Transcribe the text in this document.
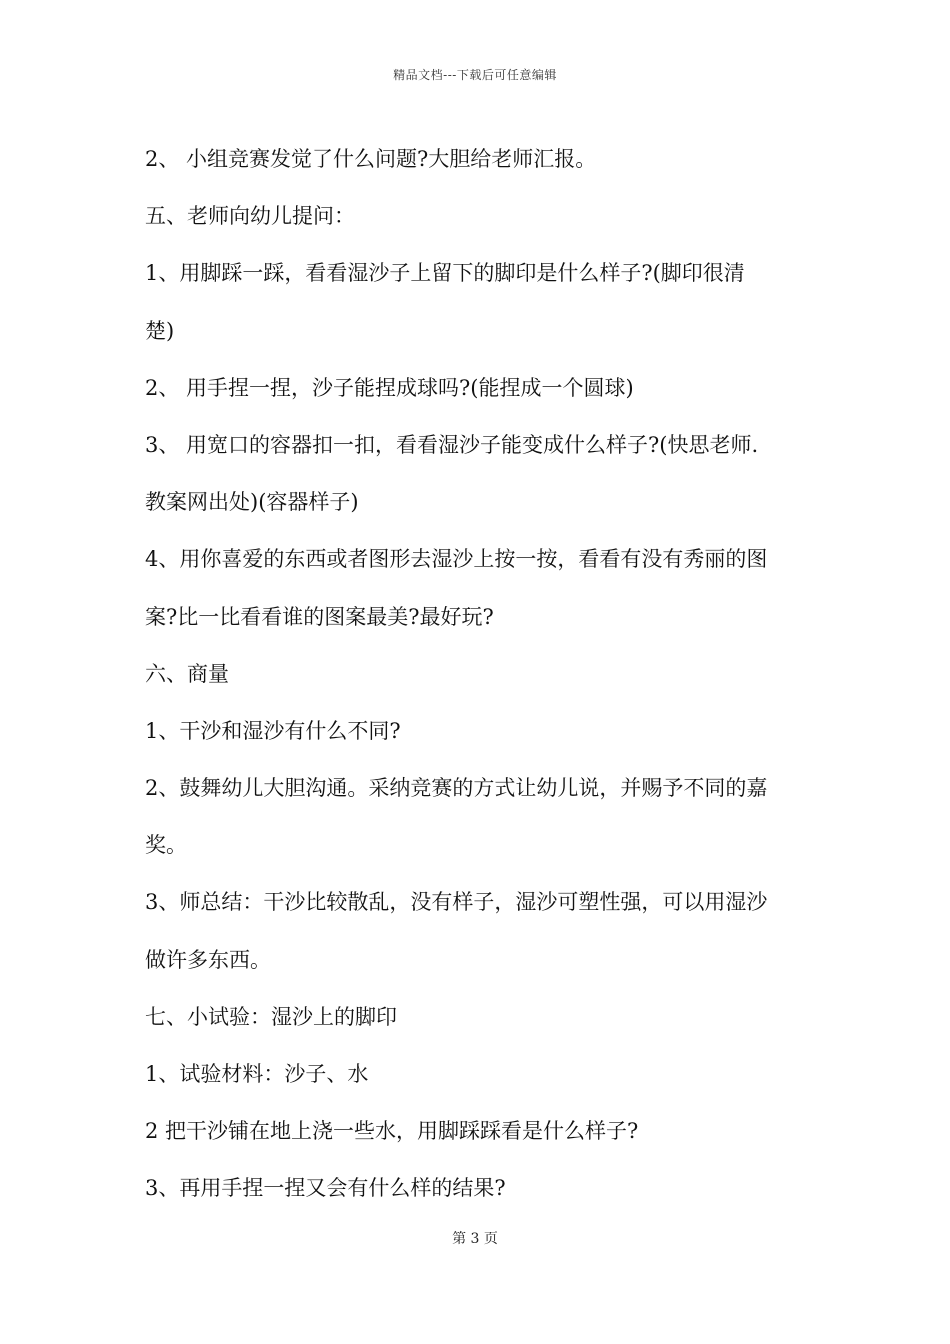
精品文档---下载后可任意编辑
2、 小组竞赛发觉了什么问题?大胆给老师汇报。
五、老师向幼儿提问：
1、用脚踩一踩，看看湿沙子上留下的脚印是什么样子?(脚印很清
楚)
2、 用手捏一捏，沙子能捏成球吗?(能捏成一个圆球)
3、 用宽口的容器扣一扣，看看湿沙子能变成什么样子?(快思老师.
教案网出处)(容器样子)
4、用你喜爱的东西或者图形去湿沙上按一按，看看有没有秀丽的图
案?比一比看看谁的图案最美?最好玩?
六、商量
1、干沙和湿沙有什么不同?
2、鼓舞幼儿大胆沟通。采纳竞赛的方式让幼儿说，并赐予不同的嘉
奖。
3、师总结：干沙比较散乱，没有样子，湿沙可塑性强，可以用湿沙
做许多东西。
七、小试验：湿沙上的脚印
1、试验材料：沙子、水
2 把干沙铺在地上浇一些水，用脚踩踩看是什么样子?
3、再用手捏一捏又会有什么样的结果?
第 3 页
